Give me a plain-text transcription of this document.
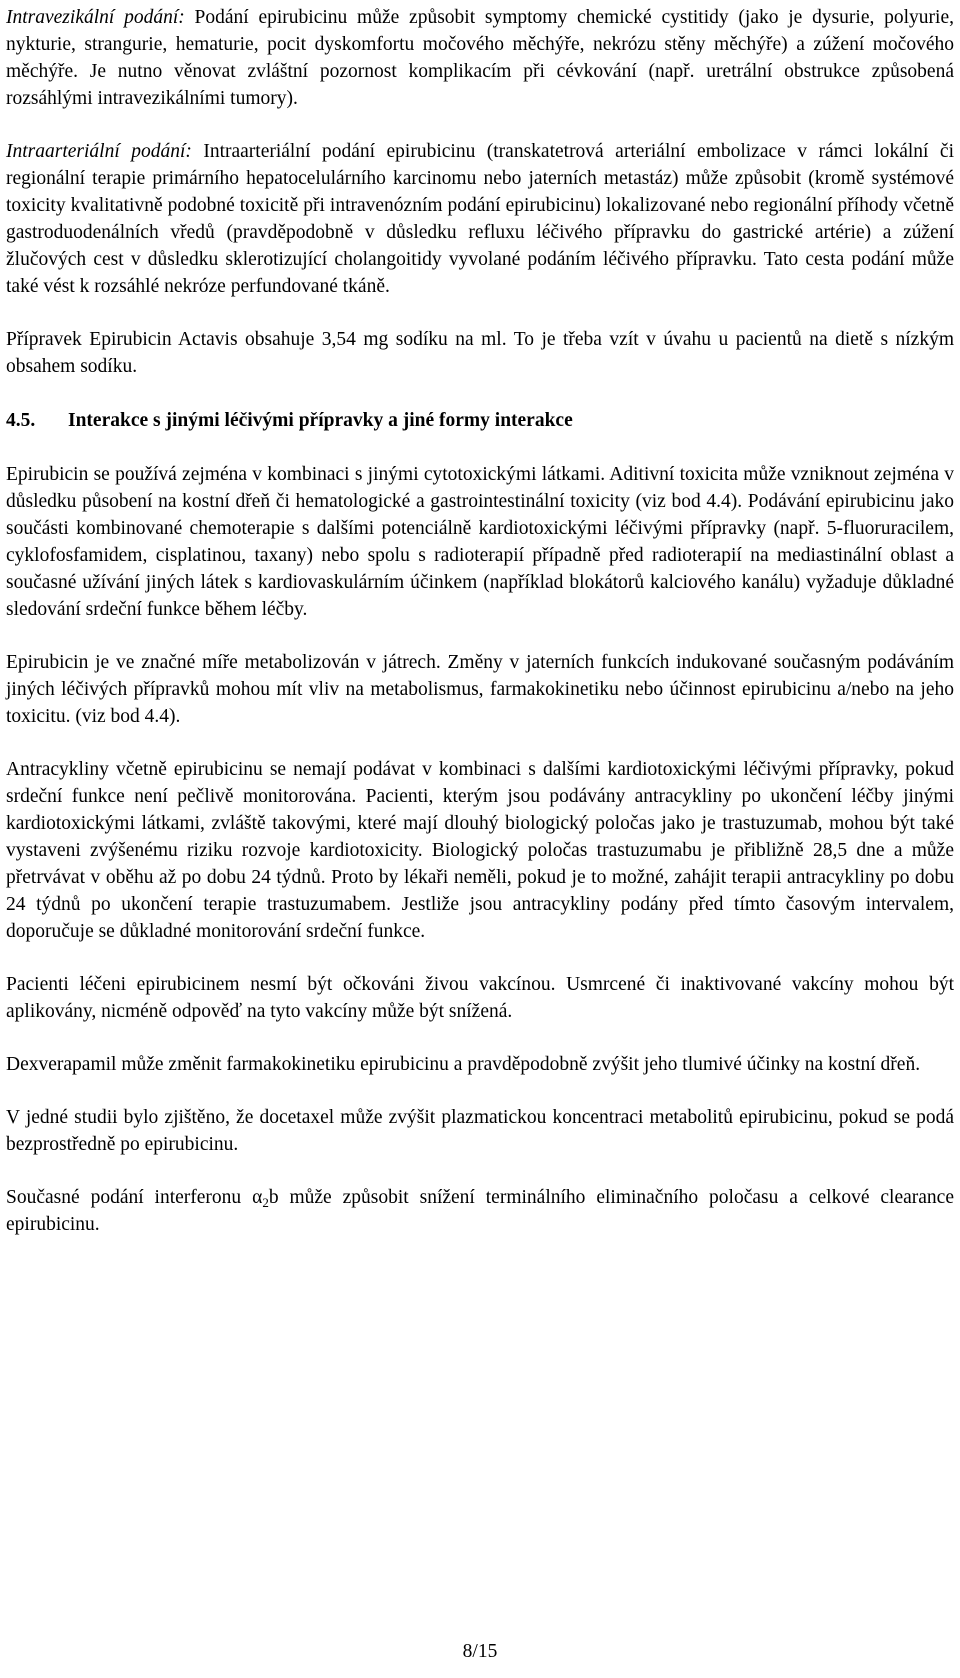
Intravezikální podání: Podání epirubicinu může způsobit symptomy chemické cystitidy (jako je dysurie, polyurie, nykturie, strangurie, hematurie, pocit dyskomfortu močového měchýře, nekrózu stěny měchýře) a zúžení močového měchýře. Je nutno věnovat zvláštní pozornost komplikacím při cévkování (např. uretrální obstrukce způsobená rozsáhlými intravezikálními tumory).

Intraarteriální podání: Intraarteriální podání epirubicinu (transkatetrová arteriální embolizace v rámci lokální či regionální terapie primárního hepatocelulárního karcinomu nebo jaterních metastáz) může způsobit (kromě systémové toxicity kvalitativně podobné toxicitě při intravenózním podání epirubicinu) lokalizované nebo regionální příhody včetně gastroduodenálních vředů (pravděpodobně v důsledku refluxu léčivého přípravku do gastrické artérie) a zúžení žlučových cest v důsledku sklerotizující cholangoitidy vyvolané podáním léčivého přípravku. Tato cesta podání může také vést k rozsáhlé nekróze perfundované tkáně.

Přípravek Epirubicin Actavis obsahuje 3,54 mg sodíku na ml. To je třeba vzít v úvahu u pacientů na dietě s nízkým obsahem sodíku.

4.5. Interakce s jinými léčivými přípravky a jiné formy interakce

Epirubicin se používá zejména v kombinaci s jinými cytotoxickými látkami. Aditivní toxicita může vzniknout zejména v důsledku působení na kostní dřeň či hematologické a gastrointestinální toxicity (viz bod 4.4). Podávání epirubicinu jako součásti kombinované chemoterapie s dalšími potenciálně kardiotoxickými léčivými přípravky (např. 5-fluoruracilem, cyklofosfamidem, cisplatinou, taxany) nebo spolu s radioterapií případně před radioterapií na mediastinální oblast a současné užívání jiných látek s kardiovaskulárním účinkem (například blokátorů kalciového kanálu) vyžaduje důkladné sledování srdeční funkce během léčby.

Epirubicin je ve značné míře metabolizován v játrech. Změny v jaterních funkcích indukované současným podáváním jiných léčivých přípravků mohou mít vliv na metabolismus, farmakokinetiku nebo účinnost epirubicinu a/nebo na jeho toxicitu. (viz bod 4.4).

Antracykliny včetně epirubicinu se nemají podávat v kombinaci s dalšími kardiotoxickými léčivými přípravky, pokud srdeční funkce není pečlivě monitorována. Pacienti, kterým jsou podávány antracykliny po ukončení léčby jinými kardiotoxickými látkami, zvláště takovými, které mají dlouhý biologický poločas jako je trastuzumab, mohou být také vystaveni zvýšenému riziku rozvoje kardiotoxicity. Biologický poločas trastuzumabu je přibližně 28,5 dne a může přetrvávat v oběhu až po dobu 24 týdnů. Proto by lékaři neměli, pokud je to možné, zahájit terapii antracykliny po dobu 24 týdnů po ukončení terapie trastuzumabem. Jestliže jsou antracykliny podány před tímto časovým intervalem, doporučuje se důkladné monitorování srdeční funkce.

Pacienti léčeni epirubicinem nesmí být očkováni živou vakcínou. Usmrcené či inaktivované vakcíny mohou být aplikovány, nicméně odpověď na tyto vakcíny může být snížená.

Dexverapamil může změnit farmakokinetiku epirubicinu a pravděpodobně zvýšit jeho tlumivé účinky na kostní dřeň.

V jedné studii bylo zjištěno, že docetaxel může zvýšit plazmatickou koncentraci metabolitů epirubicinu, pokud se podá bezprostředně po epirubicinu.

Současné podání interferonu $\alpha_2b$ může způsobit snížení terminálního eliminačního poločasu a celkové clearance epirubicinu.

8/15
